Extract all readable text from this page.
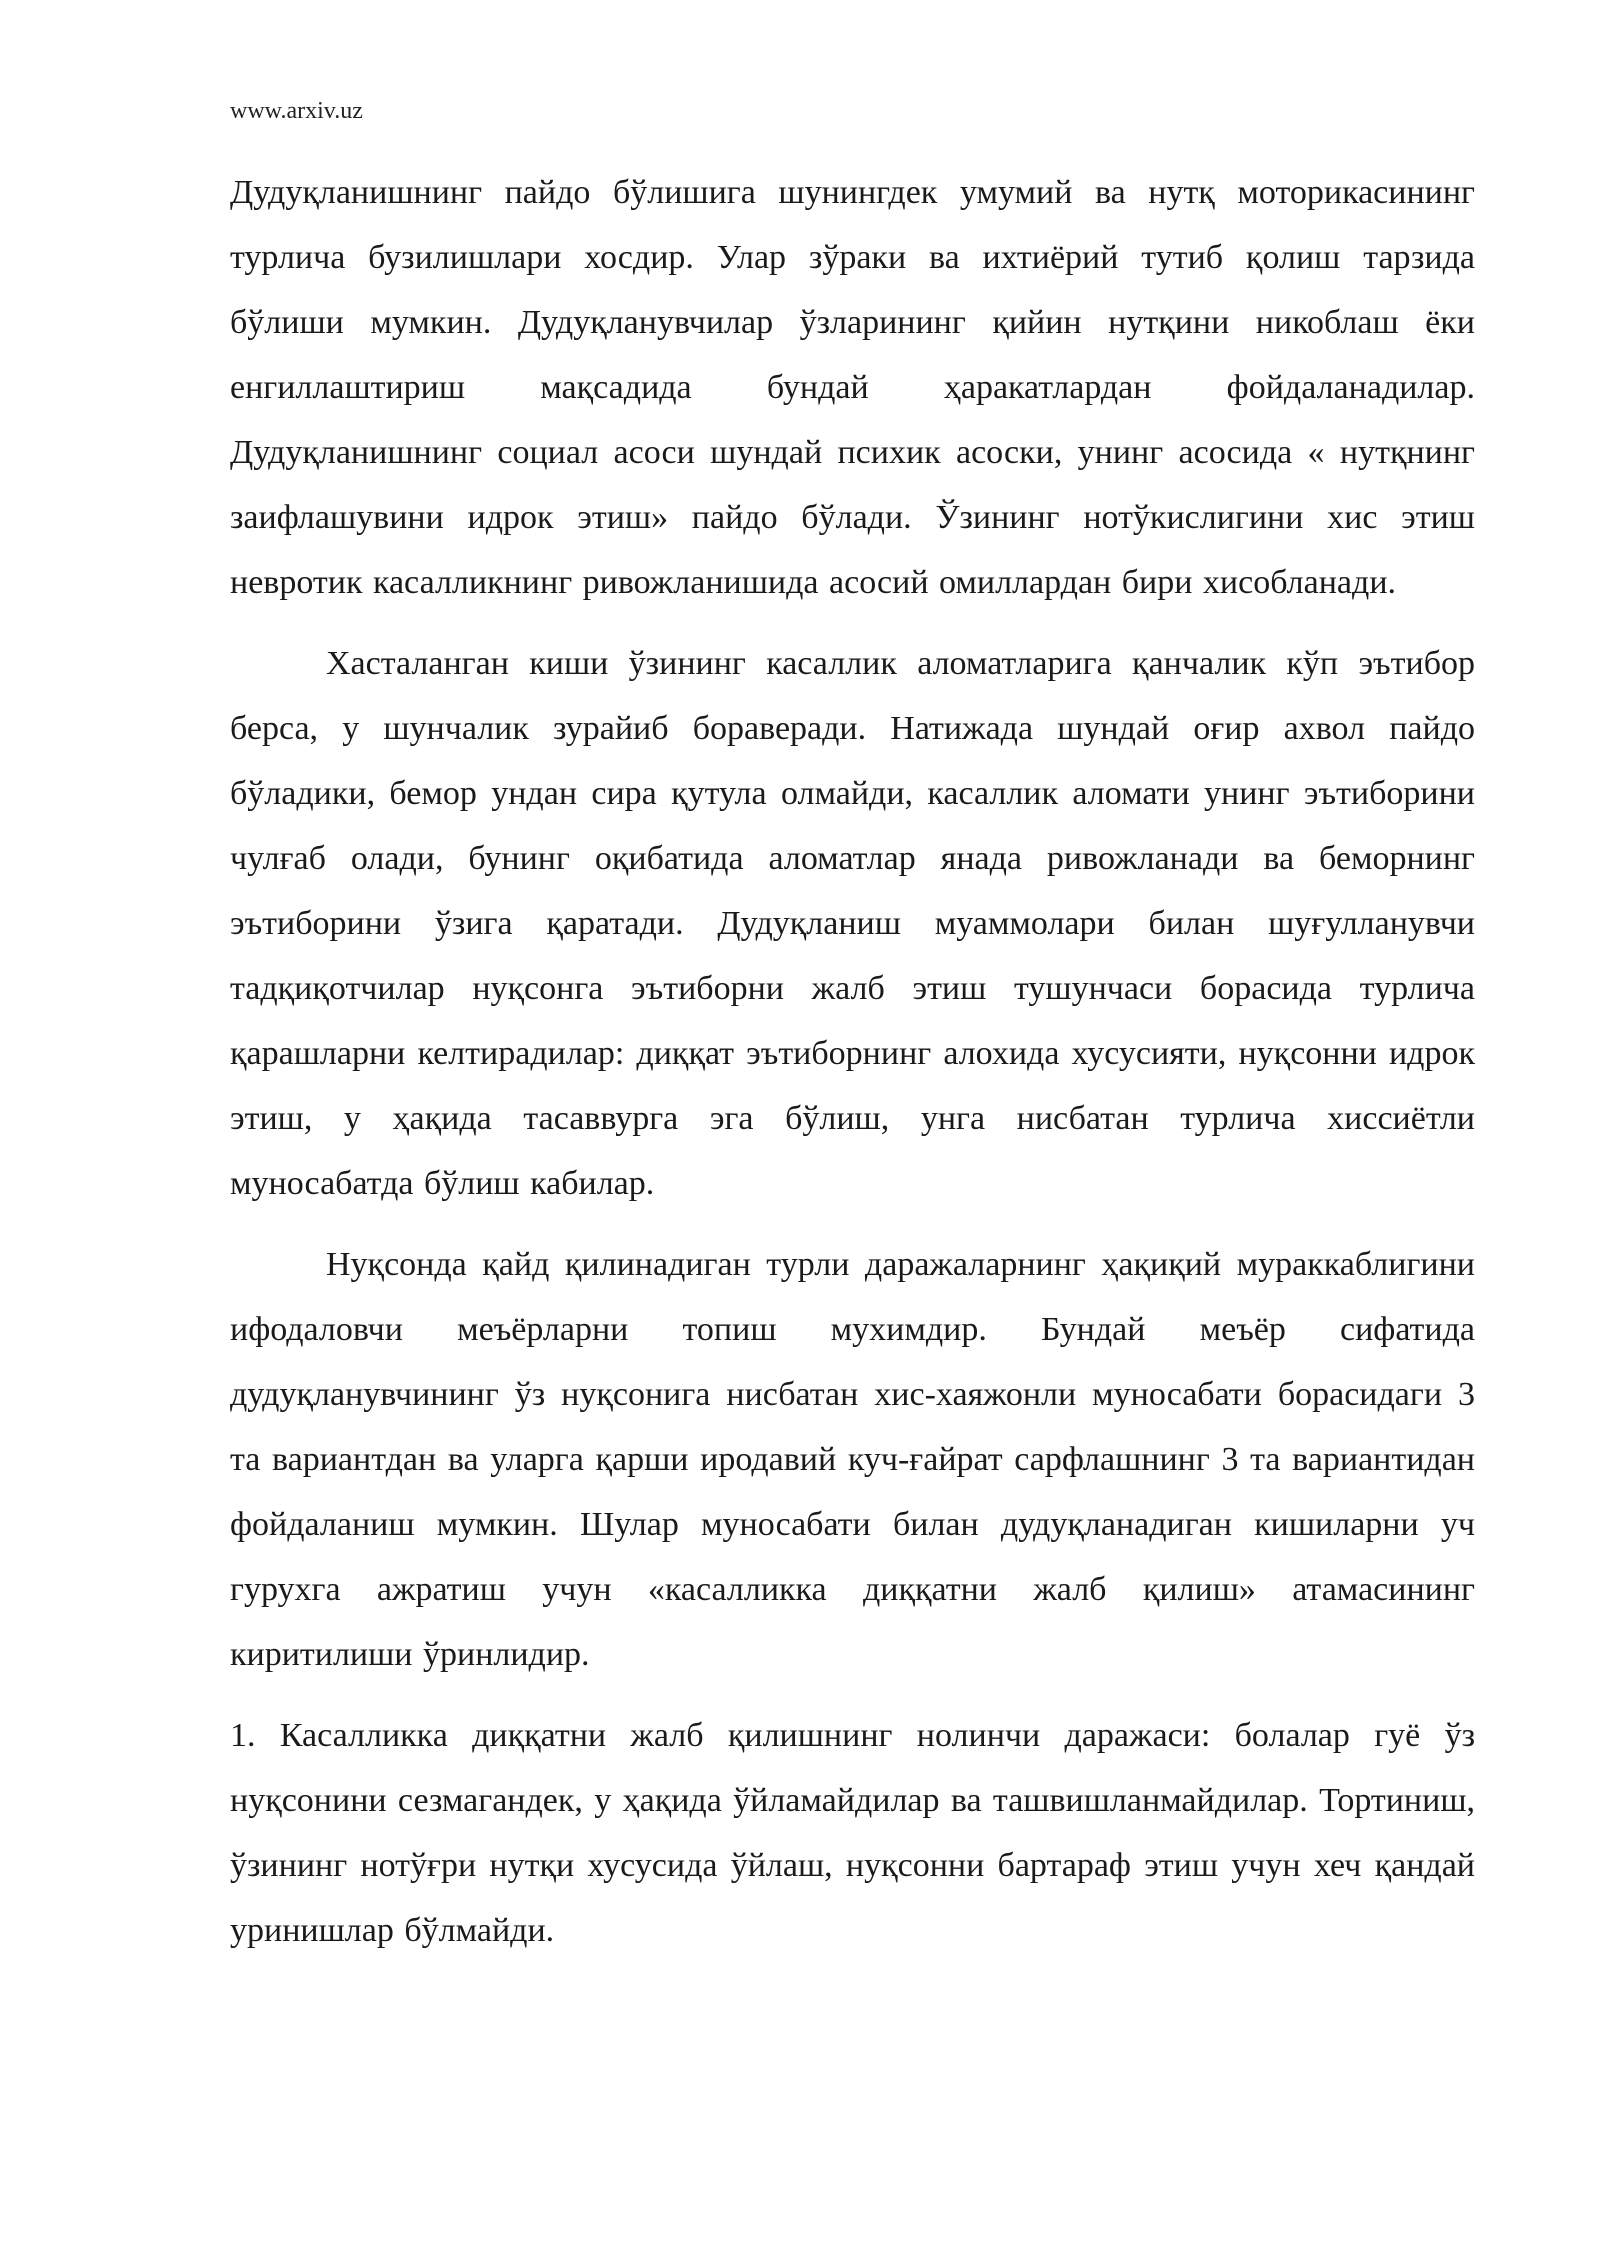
www.arxiv.uz

Дудуқланишнинг пайдо бўлишига шунингдек умумий ва нутқ моторикасининг турлича бузилишлари хосдир. Улар зўраки ва ихтиёрий тутиб қолиш тарзида бўлиши мумкин. Дудуқланувчилар ўзларининг қийин нутқини никоблаш ёки енгиллаштириш мақсадида бундай ҳаракатлардан фойдаланадилар. Дудуқланишнинг социал асоси шундай психик асоски, унинг асосида « нутқнинг заифлашувини идрок этиш» пайдо бўлади. Ўзининг нотўкислигини хис этиш невротик касалликнинг ривожланишида асосий омиллардан бири хисобланади.

Хасталанган киши ўзининг касаллик аломатларига қанчалик кўп эътибор берса, у шунчалик зурайиб бораверади. Натижада шундай оғир ахвол пайдо бўладики, бемор ундан сира қутула олмайди, касаллик аломати унинг эътиборини чулғаб олади, бунинг оқибатида аломатлар янада ривожланади ва беморнинг эътиборини ўзига қаратади. Дудуқланиш муаммолари билан шуғулланувчи тадқиқотчилар нуқсонга эътиборни жалб этиш тушунчаси борасида турлича қарашларни келтирадилар: диққат эътиборнинг алохида хусусияти, нуқсонни идрок этиш, у ҳақида тасаввурга эга бўлиш, унга нисбатан турлича хиссиётли муносабатда бўлиш кабилар.

Нуқсонда қайд қилинадиган турли даражаларнинг ҳақиқий мураккаблигини ифодаловчи меъёрларни топиш мухимдир. Бундай меъёр сифатида дудуқланувчининг ўз нуқсонига нисбатан хис-хаяжонли муносабати борасидаги 3 та вариантдан ва уларга қарши иродавий куч-ғайрат сарфлашнинг 3 та вариантидан фойдаланиш мумкин. Шулар муносабати билан дудуқланадиган кишиларни уч гурухга ажратиш учун «касалликка диққатни жалб қилиш» атамасининг киритилиши ўринлидир.

1. Касалликка диққатни жалб қилишнинг нолинчи даражаси: болалар гуё ўз нуқсонини сезмагандек, у ҳақида ўйламайдилар ва ташвишланмайдилар. Тортиниш, ўзининг нотўғри нутқи хусусида ўйлаш, нуқсонни бартараф этиш учун хеч қандай уринишлар бўлмайди.
